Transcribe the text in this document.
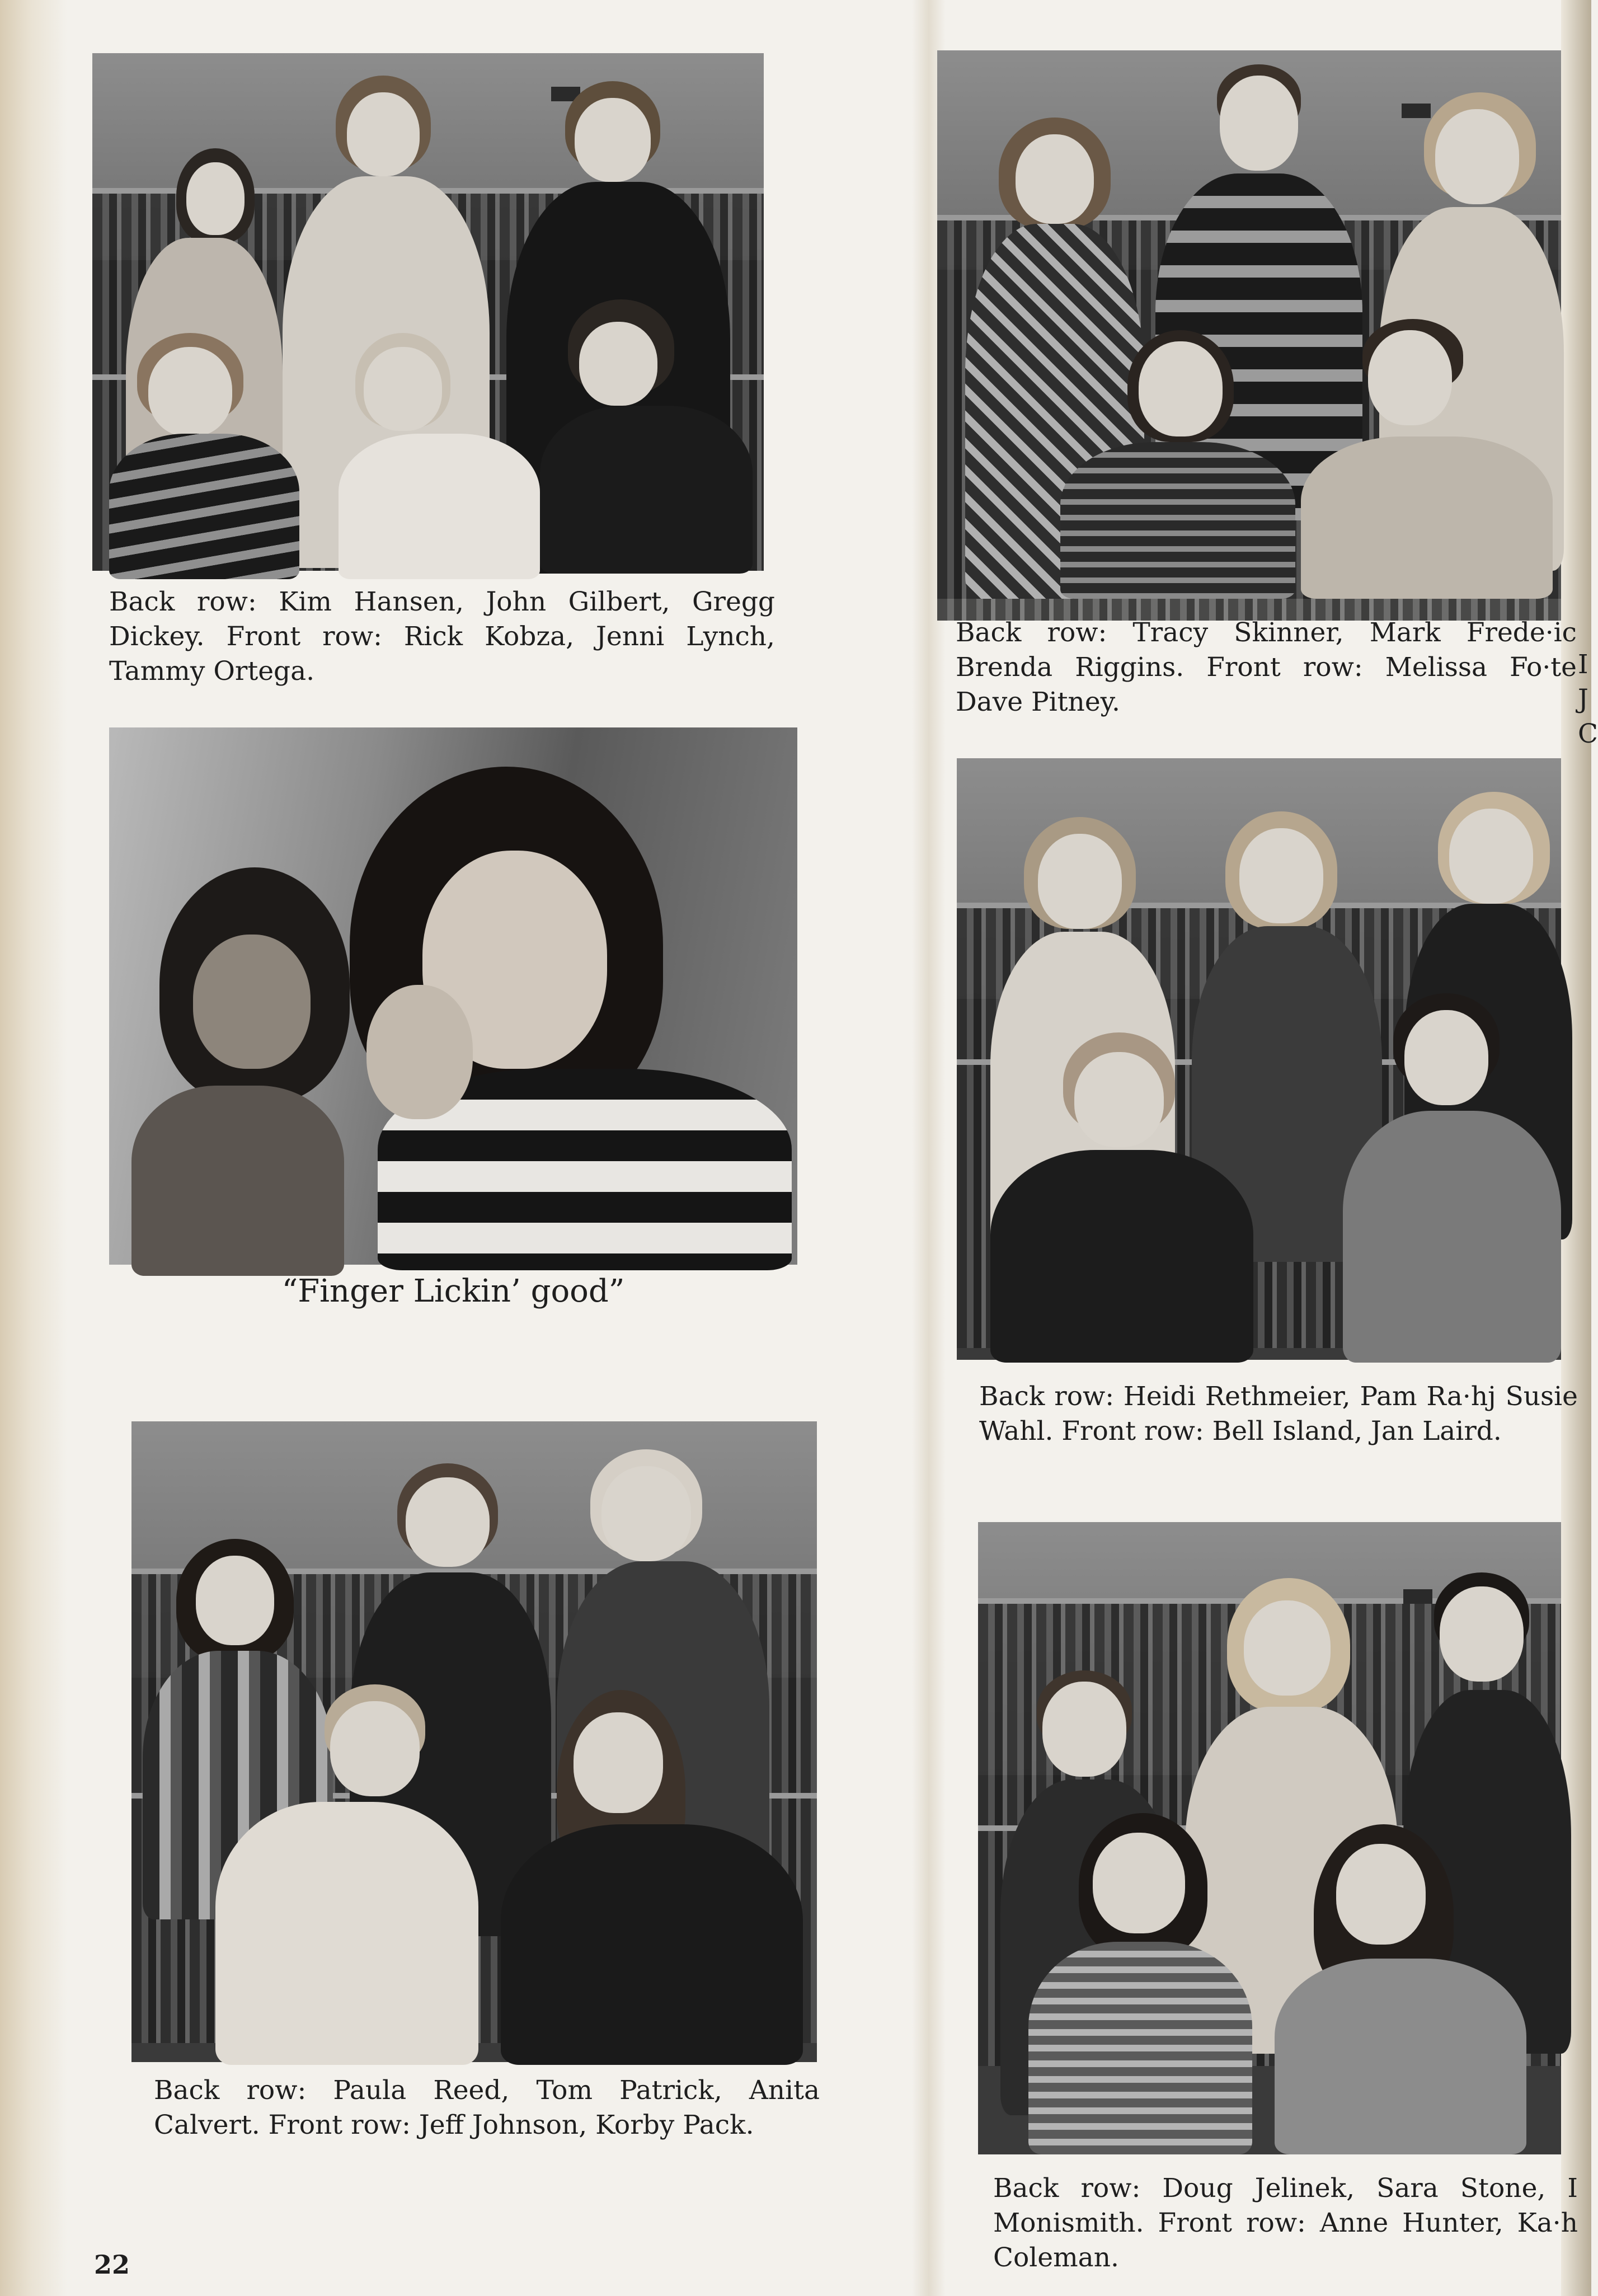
Back row: Kim Hansen, John Gilbert, Gregg Dickey. Front row: Rick Kobza, Jenni Lynch, Tammy Ortega.

“Finger Lickin’ good”

Back row: Paula Reed, Tom Patrick, Anita Calvert. Front row: Jeff Johnson, Korby Pack.

Back row: Tracy Skinner, Mark Frede·ic Brenda Riggins. Front row: Melissa Fo·te Dave Pitney.

Back row: Heidi Rethmeier, Pam Ra·hj Susie Wahl. Front row: Bell Island, Jan Laird.

Back row: Doug Jelinek, Sara Stone, I Monismith. Front row: Anne Hunter, Ka·h Coleman.

I
J
C
22
